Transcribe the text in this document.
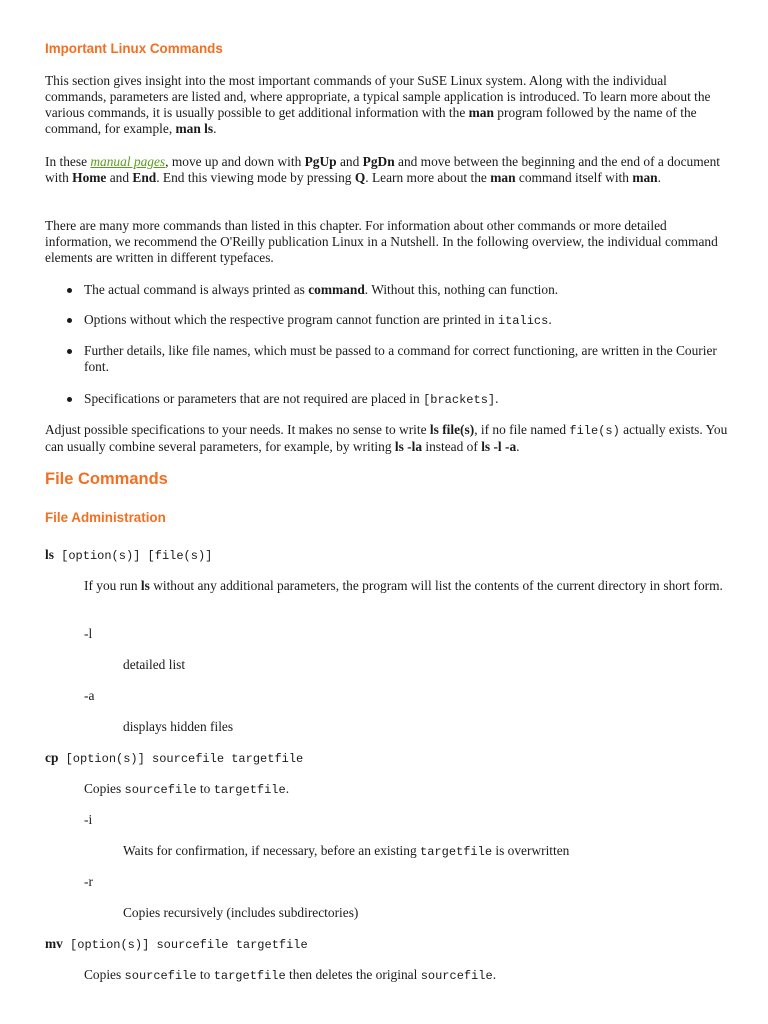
Important Linux Commands

This section gives insight into the most important commands of your SuSE Linux system. Along with the individual commands, parameters are listed and, where appropriate, a typical sample application is introduced. To learn more about the various commands, it is usually possible to get additional information with the man program followed by the name of the command, for example, man ls.

In these manual pages, move up and down with PgUp and PgDn and move between the beginning and the end of a document with Home and End. End this viewing mode by pressing Q. Learn more about the man command itself with man.

There are many more commands than listed in this chapter. For information about other commands or more detailed information, we recommend the O'Reilly publication Linux in a Nutshell. In the following overview, the individual command elements are written in different typefaces.

The actual command is always printed as command. Without this, nothing can function.

Options without which the respective program cannot function are printed in italics.

Further details, like file names, which must be passed to a command for correct functioning, are written in the Courier font.

Specifications or parameters that are not required are placed in [brackets].

Adjust possible specifications to your needs. It makes no sense to write ls file(s), if no file named file(s) actually exists. You can usually combine several parameters, for example, by writing ls -la instead of ls -l -a.

File Commands
File Administration

ls [option(s)] [file(s)]

If you run ls without any additional parameters, the program will list the contents of the current directory in short form.

-l

detailed list

-a

displays hidden files

cp [option(s)] sourcefile targetfile

Copies sourcefile to targetfile.

-i

Waits for confirmation, if necessary, before an existing targetfile is overwritten

-r

Copies recursively (includes subdirectories)

mv [option(s)] sourcefile targetfile

Copies sourcefile to targetfile then deletes the original sourcefile.
